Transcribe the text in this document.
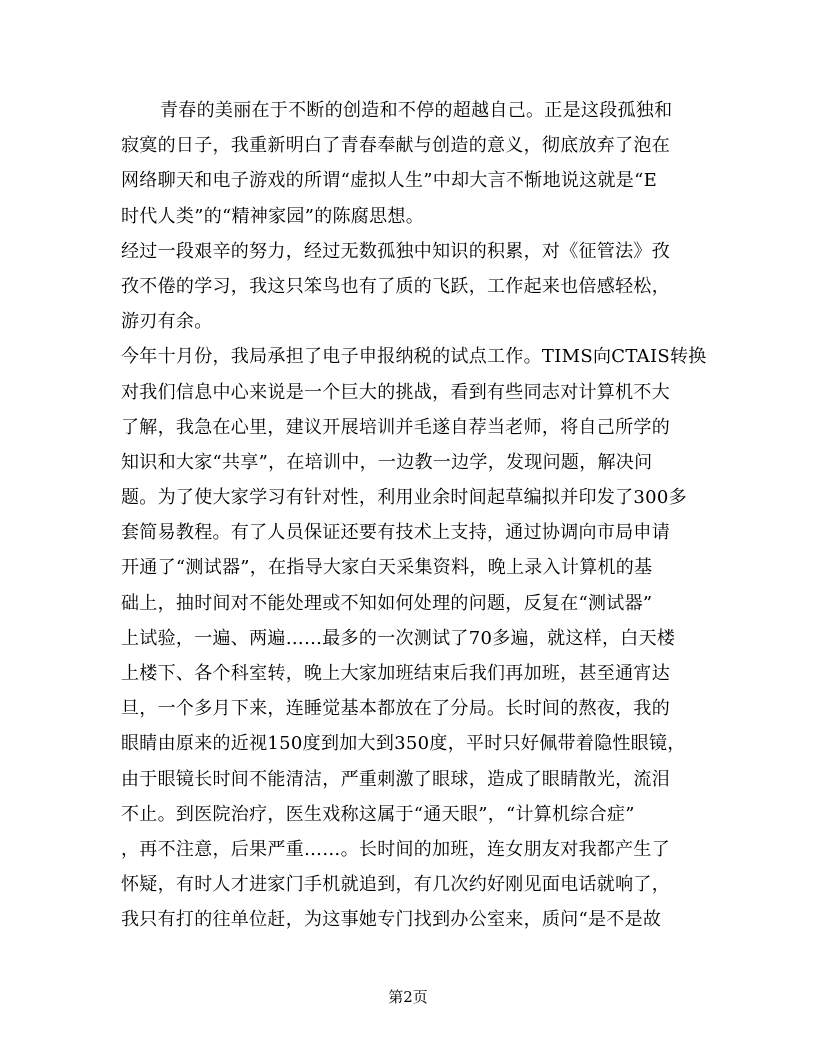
青春的美丽在于不断的创造和不停的超越自己。正是这段孤独和
寂寞的日子，我重新明白了青春奉献与创造的意义，彻底放弃了泡在
网络聊天和电子游戏的所谓“虚拟人生”中却大言不惭地说这就是“E
时代人类”的“精神家园”的陈腐思想。
经过一段艰辛的努力，经过无数孤独中知识的积累，对《征管法》孜
孜不倦的学习，我这只笨鸟也有了质的飞跃，工作起来也倍感轻松，
游刃有余。
今年十月份，我局承担了电子申报纳税的试点工作。TIMS向CTAIS转换
对我们信息中心来说是一个巨大的挑战，看到有些同志对计算机不大
了解，我急在心里，建议开展培训并毛遂自荐当老师，将自己所学的
知识和大家“共享”，在培训中，一边教一边学，发现问题，解决问
题。为了使大家学习有针对性，利用业余时间起草编拟并印发了300多
套简易教程。有了人员保证还要有技术上支持，通过协调向市局申请
开通了“测试器”，在指导大家白天采集资料，晚上录入计算机的基
础上，抽时间对不能处理或不知如何处理的问题，反复在“测试器”
上试验，一遍、两遍……最多的一次测试了70多遍，就这样，白天楼
上楼下、各个科室转，晚上大家加班结束后我们再加班，甚至通宵达
旦，一个多月下来，连睡觉基本都放在了分局。长时间的熬夜，我的
眼睛由原来的近视150度到加大到350度，平时只好佩带着隐性眼镜，
由于眼镜长时间不能清洁，严重刺激了眼球，造成了眼睛散光，流泪
不止。到医院治疗，医生戏称这属于“通天眼”，“计算机综合症”
，再不注意，后果严重……。长时间的加班，连女朋友对我都产生了
怀疑，有时人才进家门手机就追到，有几次约好刚见面电话就响了，
我只有打的往单位赶，为这事她专门找到办公室来，质问“是不是故
第2页
